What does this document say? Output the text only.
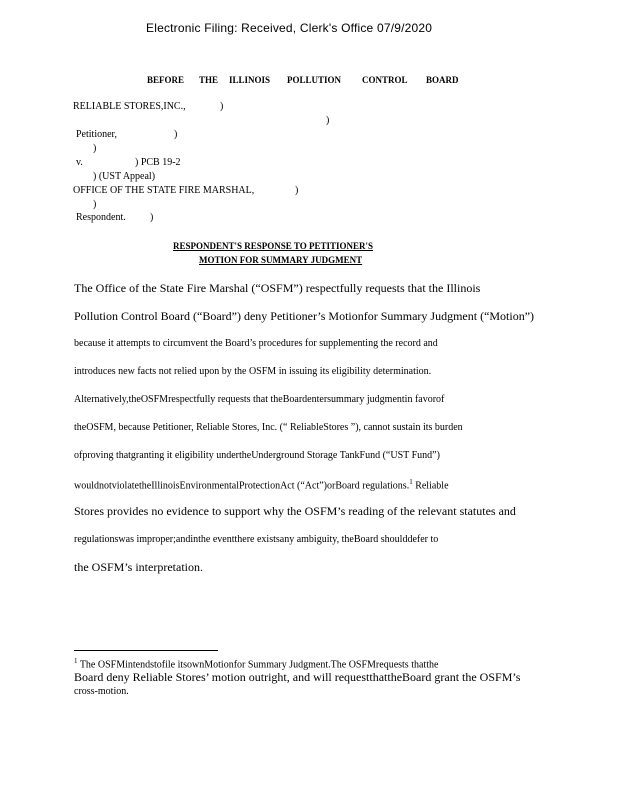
Electronic Filing: Received, Clerk's Office 07/9/2020
BEFORE THE ILLINOIS POLLUTION CONTROL BOARD
RELIABLE STORES,INC.,	)
)
Petitioner,	)
)
v.	) PCB 19-2
) (UST Appeal)
OFFICE OF THE STATE FIRE MARSHAL,	)
)
Respondent. )
RESPONDENT'S RESPONSE TO PETITIONER'S
MOTION FOR SUMMARY JUDGMENT
The Office of the State Fire Marshal (“OSFM”) respectfully requests that the Illinois
Pollution Control Board (“Board”) deny Petitioner’s Motionfor Summary Judgment (“Motion”)
because it attempts to circumvent the Board’s procedures for supplementing the record and
introduces new facts not relied upon by the OSFM in issuing its eligibility determination.
Alternatively,theOSFMrespectfully requests that theBoardentersummary judgmentin favorof
theOSFM, because Petitioner, Reliable Stores, Inc. (“ ReliableStores ”), cannot sustain its burden
ofproving thatgranting it eligibility undertheUnderground Storage TankFund (“UST Fund”)
wouldnotviolatetheIllinoisEnvironmentalProtectionAct (“Act”)orBoard regulations.$^1$ Reliable
Stores provides no evidence to support why the OSFM’s reading of the relevant statutes and
regulationswas improper;andinthe eventthere existsany ambiguity, theBoard shoulddefer to
the OSFM’s interpretation.
$^1$ The OSFMintendstofile itsownMotionfor Summary Judgment.The OSFMrequests thatthe
Board deny Reliable Stores’ motion outright, and will requestthattheBoard grant the OSFM’s
cross-motion.
